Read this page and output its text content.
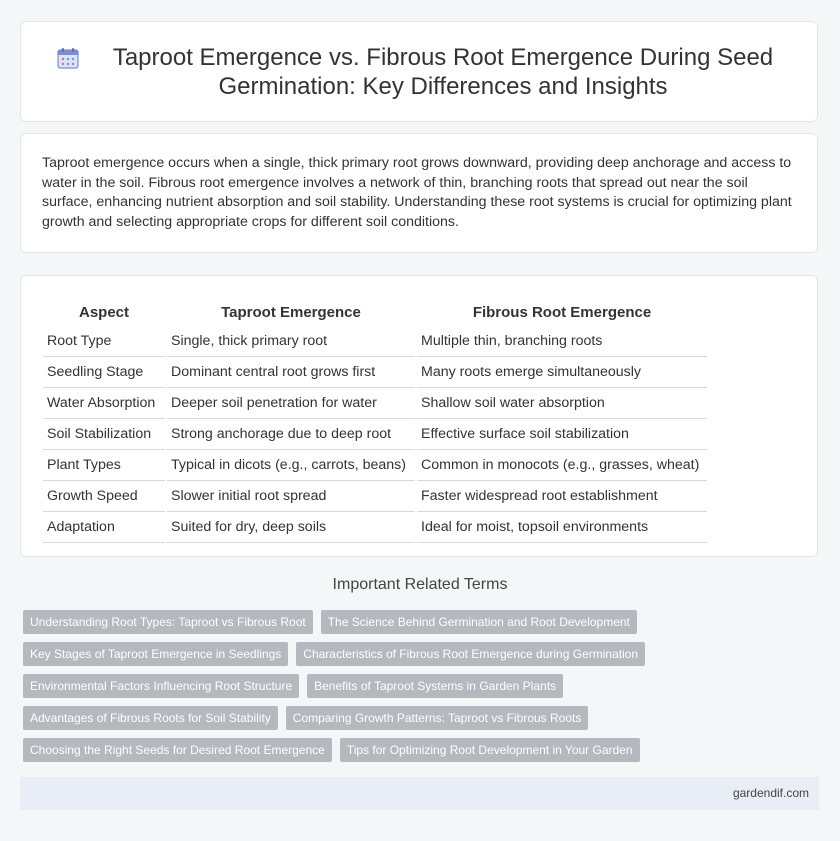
Taproot Emergence vs. Fibrous Root Emergence During Seed Germination: Key Differences and Insights

Taproot emergence occurs when a single, thick primary root grows downward, providing deep anchorage and access to water in the soil. Fibrous root emergence involves a network of thin, branching roots that spread out near the soil surface, enhancing nutrient absorption and soil stability. Understanding these root systems is crucial for optimizing plant growth and selecting appropriate crops for different soil conditions.

Aspect	Taproot Emergence	Fibrous Root Emergence
Root Type	Single, thick primary root	Multiple thin, branching roots
Seedling Stage	Dominant central root grows first	Many roots emerge simultaneously
Water Absorption	Deeper soil penetration for water	Shallow soil water absorption
Soil Stabilization	Strong anchorage due to deep root	Effective surface soil stabilization
Plant Types	Typical in dicots (e.g., carrots, beans)	Common in monocots (e.g., grasses, wheat)
Growth Speed	Slower initial root spread	Faster widespread root establishment
Adaptation	Suited for dry, deep soils	Ideal for moist, topsoil environments
Important Related Terms
Understanding Root Types: Taproot vs Fibrous Root	The Science Behind Germination and Root Development
Key Stages of Taproot Emergence in Seedlings	Characteristics of Fibrous Root Emergence during Germination
Environmental Factors Influencing Root Structure	Benefits of Taproot Systems in Garden Plants
Advantages of Fibrous Roots for Soil Stability	Comparing Growth Patterns: Taproot vs Fibrous Roots
Choosing the Right Seeds for Desired Root Emergence	Tips for Optimizing Root Development in Your Garden
gardendif.com
